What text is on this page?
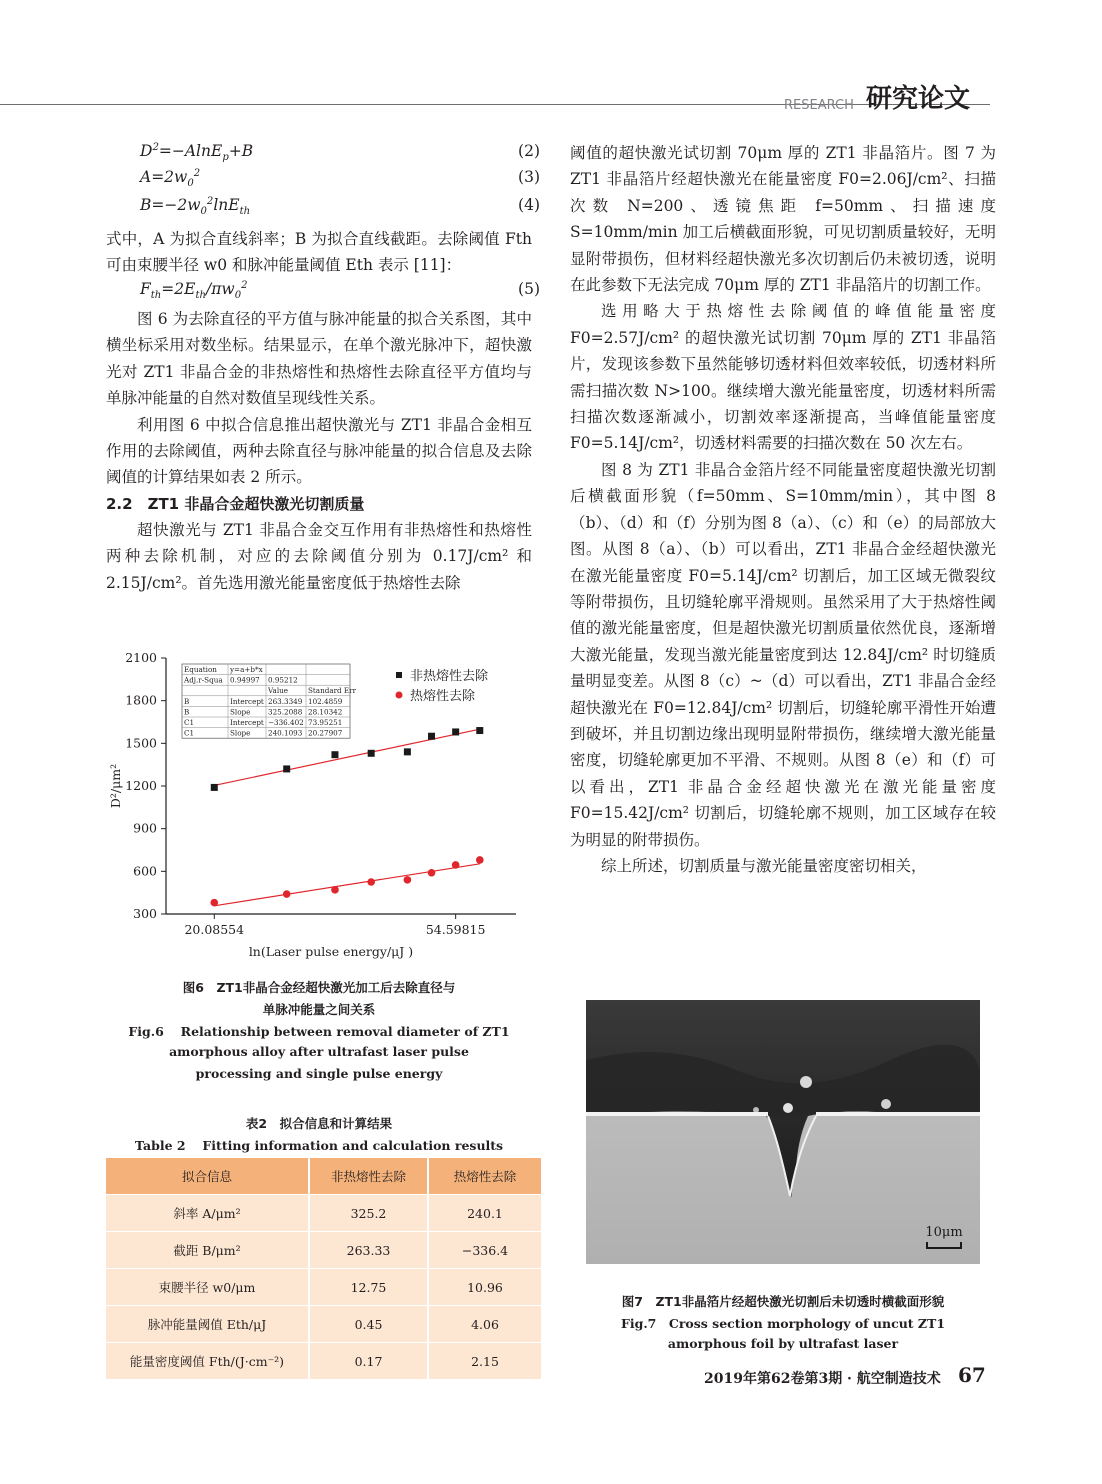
RESEARCH 研究论文
$D^2=-AlnE_p+B$	(2)
$A=2w_0^2$	(3)
$B=-2w_0^2\ln E_{th}$	(4)

式中，A 为拟合直线斜率；B 为拟合直线截距。去除阈值 Fth 可由束腰半径 w0 和脉冲能量阈值 Eth 表示 [11]：

$F_{th}=2E_{th}/\pi w_0^2$	(5)

图 6 为去除直径的平方值与脉冲能量的拟合关系图，其中横坐标采用对数坐标。结果显示，在单个激光脉冲下，超快激光对 ZT1 非晶合金的非热熔性和热熔性去除直径平方值均与单脉冲能量的自然对数值呈现线性关系。

利用图 6 中拟合信息推出超快激光与 ZT1 非晶合金相互作用的去除阈值，两种去除直径与脉冲能量的拟合信息及去除阈值的计算结果如表 2 所示。

2.2　ZT1 非晶合金超快激光切割质量

超快激光与 ZT1 非晶合金交互作用有非热熔性和热熔性两种去除机制，对应的去除阈值分别为 0.17J/cm² 和 2.15J/cm²。首先选用激光能量密度低于热熔性去除

300
600
900
1200
1500
1800
2100
20.08554	54.59815
ln(Laser pulse energy/μJ )
D²/μm²
非热熔性去除
热熔性去除
Equation y=a+b*x
Adj.r-Squa 0.94997 0.95212
Value	Standard Err
B	Intercept 263.3349 102.4859
B	Slope 325.2088 28.10342
C1	Intercept −336.402 73.95251
C1	Slope 240.1093 20.27907
图6　ZT1非晶合金经超快激光加工后去除直径与
单脉冲能量之间关系
Fig.6　 Relationship between removal diameter of ZT1
amorphous alloy after ultrafast laser pulse
processing and single pulse energy
表2　拟合信息和计算结果
Table 2　 Fitting information and calculation results
拟合信息	非热熔性去除	热熔性去除
斜率 A/μm²	325.2	240.1
截距 B/μm²	263.33	−336.4
束腰半径 w0/μm	12.75	10.96
脉冲能量阈值 Eth/μJ	0.45	4.06
能量密度阈值 Fth/(J·cm⁻²)	0.17	2.15

阈值的超快激光试切割 70μm 厚的 ZT1 非晶箔片。图 7 为 ZT1 非晶箔片经超快激光在能量密度 F0=2.06J/cm²、扫描次数 N=200、透镜焦距 f=50mm、扫描速度 S=10mm/min 加工后横截面形貌，可见切割质量较好，无明显附带损伤，但材料经超快激光多次切割后仍未被切透，说明在此参数下无法完成 70μm 厚的 ZT1 非晶箔片的切割工作。

选用略大于热熔性去除阈值的峰值能量密度 F0=2.57J/cm² 的超快激光试切割 70μm 厚的 ZT1 非晶箔片，发现该参数下虽然能够切透材料但效率较低，切透材料所需扫描次数 N>100。继续增大激光能量密度，切透材料所需扫描次数逐渐减小，切割效率逐渐提高，当峰值能量密度 F0=5.14J/cm²，切透材料需要的扫描次数在 50 次左右。

图 8 为 ZT1 非晶合金箔片经不同能量密度超快激光切割后横截面形貌（f=50mm、S=10mm/min），其中图 8（b）、（d）和（f）分别为图 8（a）、（c）和（e）的局部放大图。从图 8（a）、（b）可以看出，ZT1 非晶合金经超快激光在激光能量密度 F0=5.14J/cm² 切割后，加工区域无微裂纹等附带损伤，且切缝轮廓平滑规则。虽然采用了大于热熔性阈值的激光能量密度，但是超快激光切割质量依然优良，逐渐增大激光能量，发现当激光能量密度到达 12.84J/cm² 时切缝质量明显变差。从图 8（c）~（d）可以看出，ZT1 非晶合金经超快激光在 F0=12.84J/cm² 切割后，切缝轮廓平滑性开始遭到破坏，并且切割边缘出现明显附带损伤，继续增大激光能量密度，切缝轮廓更加不平滑、不规则。从图 8（e）和（f）可以看出，ZT1 非晶合金经超快激光在激光能量密度 F0=15.42J/cm² 切割后，切缝轮廓不规则，加工区域存在较为明显的附带损伤。

综上所述，切割质量与激光能量密度密切相关，

10μm
图7　ZT1非晶箔片经超快激光切割后未切透时横截面形貌
Fig.7　Cross section morphology of uncut ZT1
amorphous foil by ultrafast laser
2019年第62卷第3期 · 航空制造技术 67
